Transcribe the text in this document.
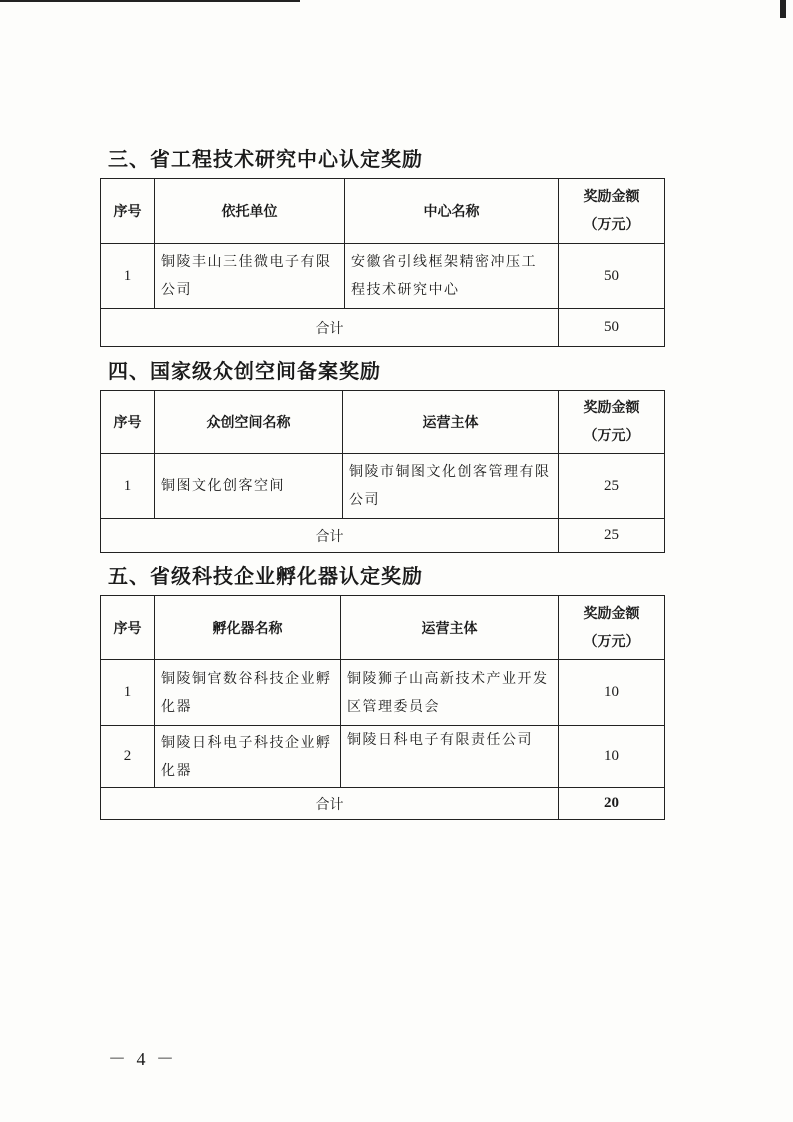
三、省工程技术研究中心认定奖励
序号	依托单位	中心名称	奖励金额
（万元）

1	铜陵丰山三佳微电子有限公司	安徽省引线框架精密冲压工程技术研究中心	50
合计			50
四、国家级众创空间备案奖励
序号	众创空间名称	运营主体	奖励金额
（万元）

1	铜图文化创客空间	铜陵市铜图文化创客管理有限公司	25
合计			25
五、省级科技企业孵化器认定奖励
序号	孵化器名称	运营主体	奖励金额
（万元）

1	铜陵铜官数谷科技企业孵化器	铜陵狮子山高新技术产业开发区管理委员会	10
2	铜陵日科电子科技企业孵化器	铜陵日科电子有限责任公司	10
合计			20
－ 4 －
